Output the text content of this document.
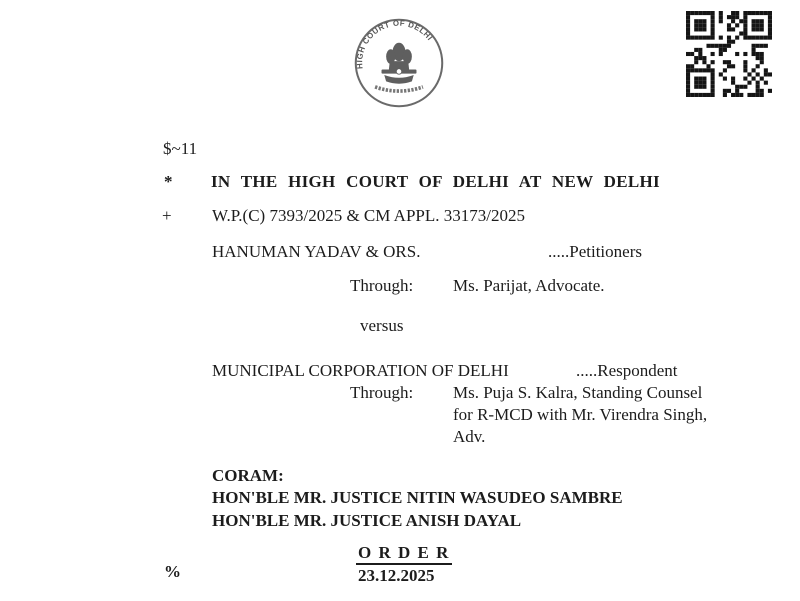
HIGH COURT OF DELHI
$~11
* IN THE HIGH COURT OF DELHI AT NEW DELHI
+ W.P.(C) 7393/2025 & CM APPL. 33173/2025
HANUMAN YADAV & ORS.	.....Petitioners
Through: Ms. Parijat, Advocate.
versus
MUNICIPAL CORPORATION OF DELHI	.....Respondent
Through: Ms. Puja S. Kalra, Standing Counsel
for R-MCD with Mr. Virendra Singh,
Adv.
CORAM:
HON'BLE MR. JUSTICE NITIN WASUDEO SAMBRE
HON'BLE MR. JUSTICE ANISH DAYAL
O R D E R
%	23.12.2025
